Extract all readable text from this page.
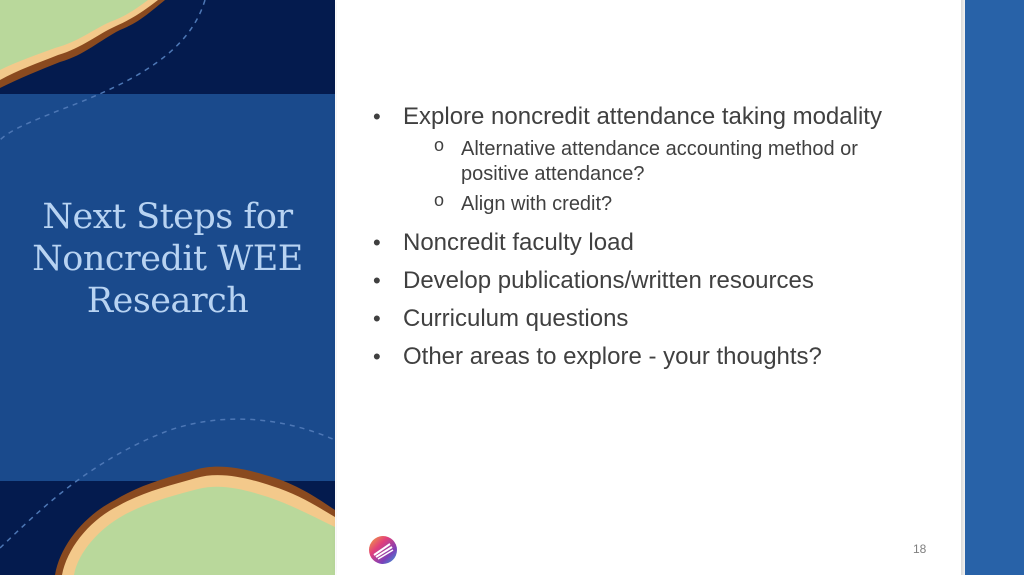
Next Steps for
Noncredit WEE
Research
• Explore noncredit attendance taking modality
o Alternative attendance accounting method or positive attendance?
o Align with credit?
• Noncredit faculty load
• Develop publications/written resources
• Curriculum questions
• Other areas to explore - your thoughts?
18
